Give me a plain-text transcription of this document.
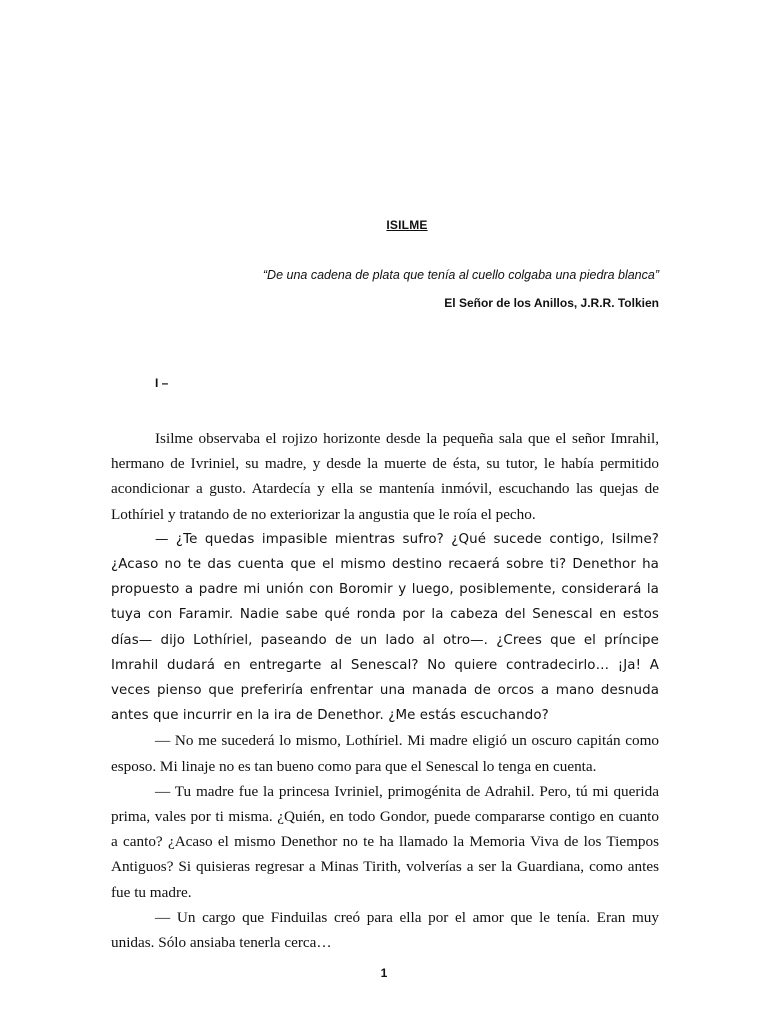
ISILME
“De una cadena de plata que tenía al cuello colgaba una piedra blanca”
El Señor de los Anillos, J.R.R. Tolkien
I –

Isilme observaba el rojizo horizonte desde la pequeña sala que el señor Imrahil, hermano de Ivriniel, su madre, y desde la muerte de ésta, su tutor, le había permitido acondicionar a gusto. Atardecía y ella se mantenía inmóvil, escuchando las quejas de Lothíriel y tratando de no exteriorizar la angustia que le roía el pecho.

— ¿Te quedas impasible mientras sufro? ¿Qué sucede contigo, Isilme? ¿Acaso no te das cuenta que el mismo destino recaerá sobre ti? Denethor ha propuesto a padre mi unión con Boromir y luego, posiblemente, considerará la tuya con Faramir. Nadie sabe qué ronda por la cabeza del Senescal en estos días— dijo Lothíriel, paseando de un lado al otro—. ¿Crees que el príncipe Imrahil dudará en entregarte al Senescal? No quiere contradecirlo… ¡Ja! A veces pienso que preferiría enfrentar una manada de orcos a mano desnuda antes que incurrir en la ira de Denethor. ¿Me estás escuchando?

— No me sucederá lo mismo, Lothíriel. Mi madre eligió un oscuro capitán como esposo. Mi linaje no es tan bueno como para que el Senescal lo tenga en cuenta.

— Tu madre fue la princesa Ivriniel, primogénita de Adrahil. Pero, tú mi querida prima, vales por ti misma. ¿Quién, en todo Gondor, puede compararse contigo en cuanto a canto? ¿Acaso el mismo Denethor no te ha llamado la Memoria Viva de los Tiempos Antiguos? Si quisieras regresar a Minas Tirith, volverías a ser la Guardiana, como antes fue tu madre.

— Un cargo que Finduilas creó para ella por el amor que le tenía. Eran muy unidas. Sólo ansiaba tenerla cerca…

1
